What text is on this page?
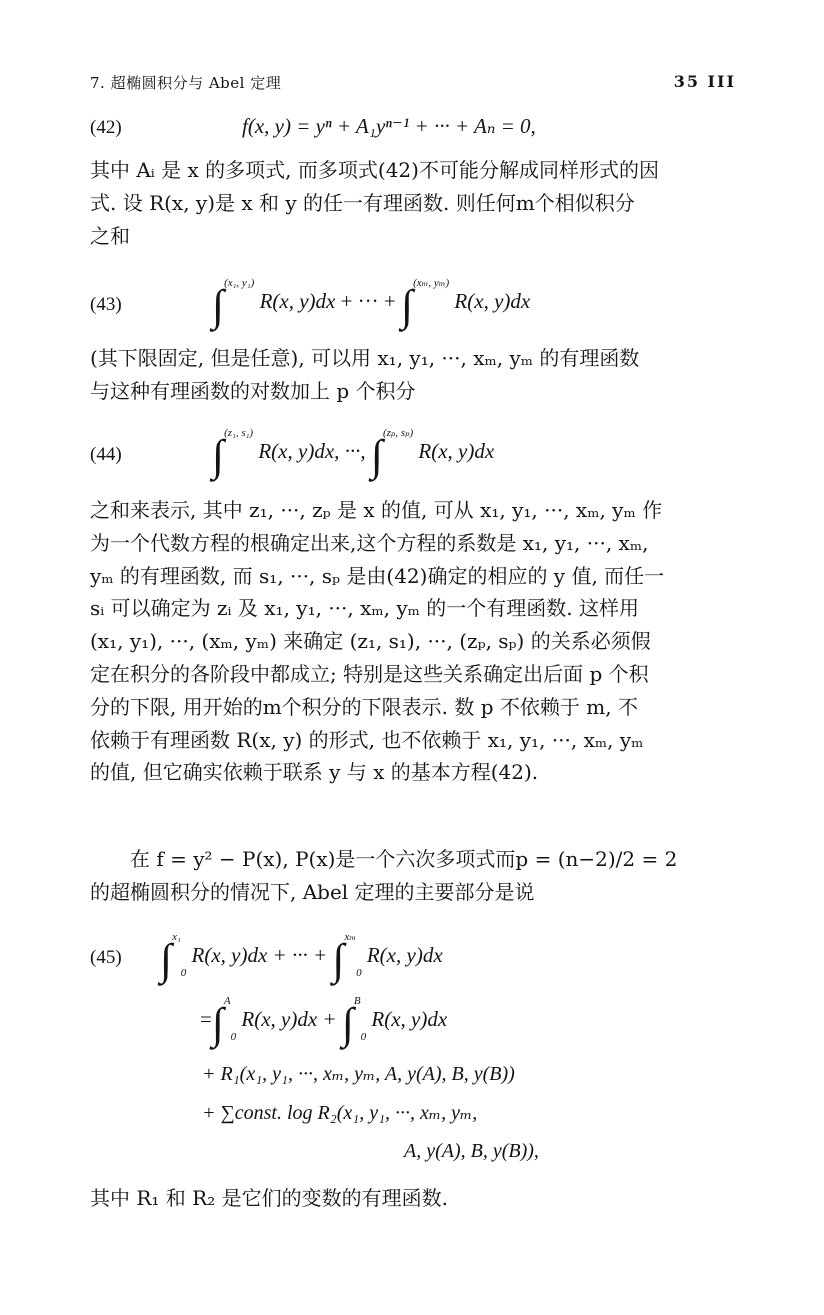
7. 超椭圆积分与 Abel 定理	35 III
(42)	f(x, y) = yⁿ + A₁yⁿ⁻¹ + ··· + Aₙ = 0,
其中 Aᵢ 是 x 的多项式, 而多项式(42)不可能分解成同样形式的因
式. 设 R(x, y)是 x 和 y 的任一有理函数. 则任何m个相似积分
之和
(43) ∫$^{(x_1, y_1)}$ R(x, y)dx + ··· + ∫$^{(x_m, y_m)}$ R(x, y)dx
(其下限固定, 但是任意), 可以用 x₁, y₁, ···, xₘ, yₘ 的有理函数
与这种有理函数的对数加上 p 个积分
(44) ∫$^{(z_1, s_1)}$ R(x, y)dx, ···, ∫$^{(z_p, s_p)}$ R(x, y)dx
之和来表示, 其中 z₁, ···, zₚ 是 x 的值, 可从 x₁, y₁, ···, xₘ, yₘ 作
为一个代数方程的根确定出来,这个方程的系数是 x₁, y₁, ···, xₘ,
yₘ 的有理函数, 而 s₁, ···, sₚ 是由(42)确定的相应的 y 值, 而任一
sᵢ 可以确定为 zᵢ 及 x₁, y₁, ···, xₘ, yₘ 的一个有理函数. 这样用
(x₁, y₁), ···, (xₘ, yₘ) 来确定 (z₁, s₁), ···, (zₚ, sₚ) 的关系必须假
定在积分的各阶段中都成立; 特别是这些关系确定出后面 p 个积
分的下限, 用开始的m个积分的下限表示. 数 p 不依赖于 m, 不
依赖于有理函数 R(x, y) 的形式, 也不依赖于 x₁, y₁, ···, xₘ, yₘ
的值, 但它确实依赖于联系 y 与 x 的基本方程(42).
在 f = y² − P(x), P(x)是一个六次多项式而p = (n−2)/2 = 2
的超椭圆积分的情况下, Abel 定理的主要部分是说
(45) ∫$^{x_1}_0$ R(x, y)dx + ··· + ∫$^{x_m}_0$ R(x, y)dx
=∫$^A_0$ R(x, y)dx + ∫$^B_0$ R(x, y)dx
+ R₁(x₁, y₁, ···, xₘ, yₘ, A, y(A), B, y(B))
+ ∑const. log R₂(x₁, y₁, ···, xₘ, yₘ,
A, y(A), B, y(B)),
其中 R₁ 和 R₂ 是它们的变数的有理函数.
